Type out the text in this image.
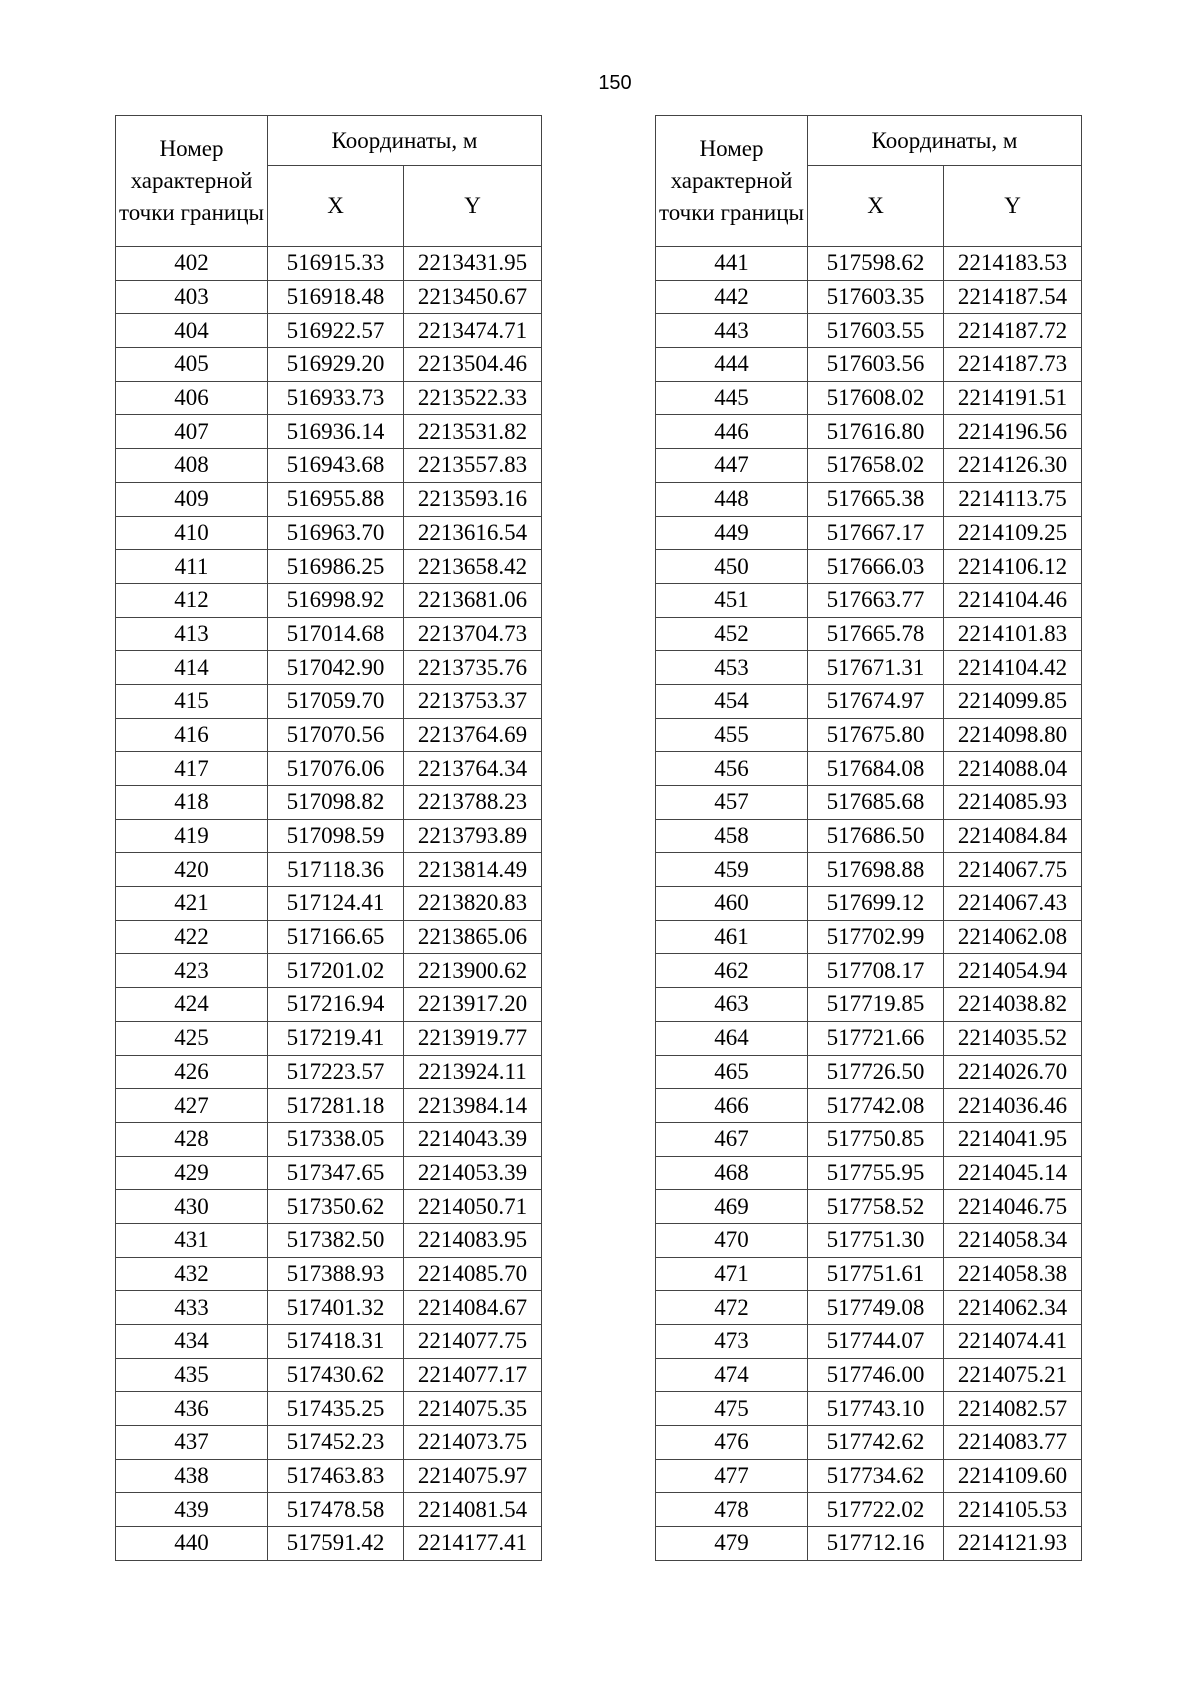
150
Номер характерной точки границы	Координаты, м	
	X	Y
402	516915.33	2213431.95
403	516918.48	2213450.67
404	516922.57	2213474.71
405	516929.20	2213504.46
406	516933.73	2213522.33
407	516936.14	2213531.82
408	516943.68	2213557.83
409	516955.88	2213593.16
410	516963.70	2213616.54
411	516986.25	2213658.42
412	516998.92	2213681.06
413	517014.68	2213704.73
414	517042.90	2213735.76
415	517059.70	2213753.37
416	517070.56	2213764.69
417	517076.06	2213764.34
418	517098.82	2213788.23
419	517098.59	2213793.89
420	517118.36	2213814.49
421	517124.41	2213820.83
422	517166.65	2213865.06
423	517201.02	2213900.62
424	517216.94	2213917.20
425	517219.41	2213919.77
426	517223.57	2213924.11
427	517281.18	2213984.14
428	517338.05	2214043.39
429	517347.65	2214053.39
430	517350.62	2214050.71
431	517382.50	2214083.95
432	517388.93	2214085.70
433	517401.32	2214084.67
434	517418.31	2214077.75
435	517430.62	2214077.17
436	517435.25	2214075.35
437	517452.23	2214073.75
438	517463.83	2214075.97
439	517478.58	2214081.54
440	517591.42	2214177.41
Номер характерной точки границы	Координаты, м	
	X	Y
441	517598.62	2214183.53
442	517603.35	2214187.54
443	517603.55	2214187.72
444	517603.56	2214187.73
445	517608.02	2214191.51
446	517616.80	2214196.56
447	517658.02	2214126.30
448	517665.38	2214113.75
449	517667.17	2214109.25
450	517666.03	2214106.12
451	517663.77	2214104.46
452	517665.78	2214101.83
453	517671.31	2214104.42
454	517674.97	2214099.85
455	517675.80	2214098.80
456	517684.08	2214088.04
457	517685.68	2214085.93
458	517686.50	2214084.84
459	517698.88	2214067.75
460	517699.12	2214067.43
461	517702.99	2214062.08
462	517708.17	2214054.94
463	517719.85	2214038.82
464	517721.66	2214035.52
465	517726.50	2214026.70
466	517742.08	2214036.46
467	517750.85	2214041.95
468	517755.95	2214045.14
469	517758.52	2214046.75
470	517751.30	2214058.34
471	517751.61	2214058.38
472	517749.08	2214062.34
473	517744.07	2214074.41
474	517746.00	2214075.21
475	517743.10	2214082.57
476	517742.62	2214083.77
477	517734.62	2214109.60
478	517722.02	2214105.53
479	517712.16	2214121.93
